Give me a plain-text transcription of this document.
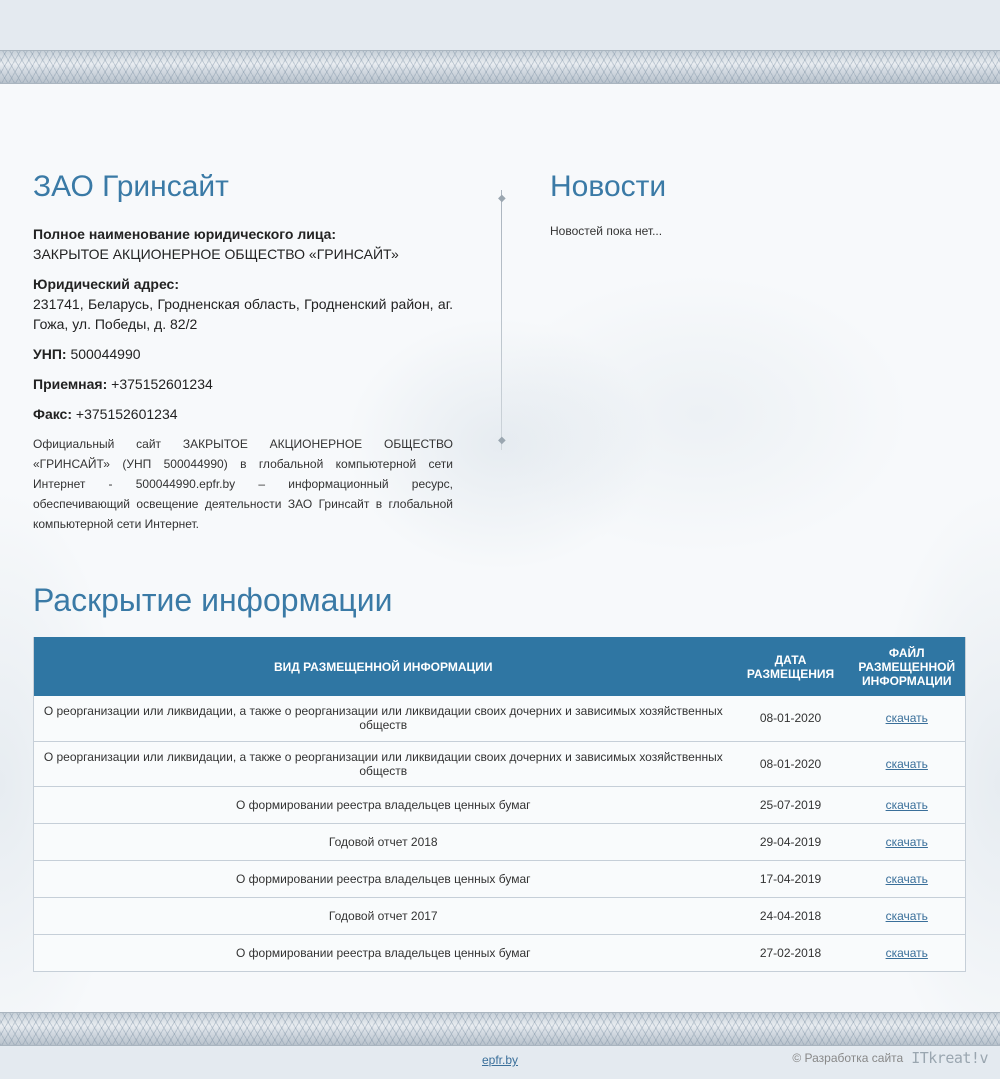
ЗАО Гринсайт
Полное наименование юридического лица:
ЗАКРЫТОЕ АКЦИОНЕРНОЕ ОБЩЕСТВО «ГРИНСАЙТ»
Юридический адрес:
231741, Беларусь, Гродненская область, Гродненский район, аг. Гожа, ул. Победы, д. 82/2
УНП: 500044990
Приемная: +375152601234
Факс: +375152601234

Официальный сайт ЗАКРЫТОЕ АКЦИОНЕРНОЕ ОБЩЕСТВО «ГРИНСАЙТ» (УНП 500044990) в глобальной компьютерной сети Интернет - 500044990.epfr.by – информационный ресурс, обеспечивающий освещение деятельности ЗАО Гринсайт в глобальной компьютерной сети Интернет.

◆
◆
Новости

Новостей пока нет...

Раскрытие информации
ВИД РАЗМЕЩЕННОЙ ИНФОРМАЦИИ	ДАТА РАЗМЕЩЕНИЯ	ФАЙЛ РАЗМЕЩЕННОЙ ИНФОРМАЦИИ
О реорганизации или ликвидации, а также о реорганизации или ликвидации своих дочерних и зависимых хозяйственных обществ	08-01-2020	скачать
О реорганизации или ликвидации, а также о реорганизации или ликвидации своих дочерних и зависимых хозяйственных обществ	08-01-2020	скачать
О формировании реестра владельцев ценных бумаг	25-07-2019	скачать
Годовой отчет 2018	29-04-2019	скачать
О формировании реестра владельцев ценных бумаг	17-04-2019	скачать
Годовой отчет 2017	24-04-2018	скачать
О формировании реестра владельцев ценных бумаг	27-02-2018	скачать
epfr.by	© Разработка сайта ITkreat!v
